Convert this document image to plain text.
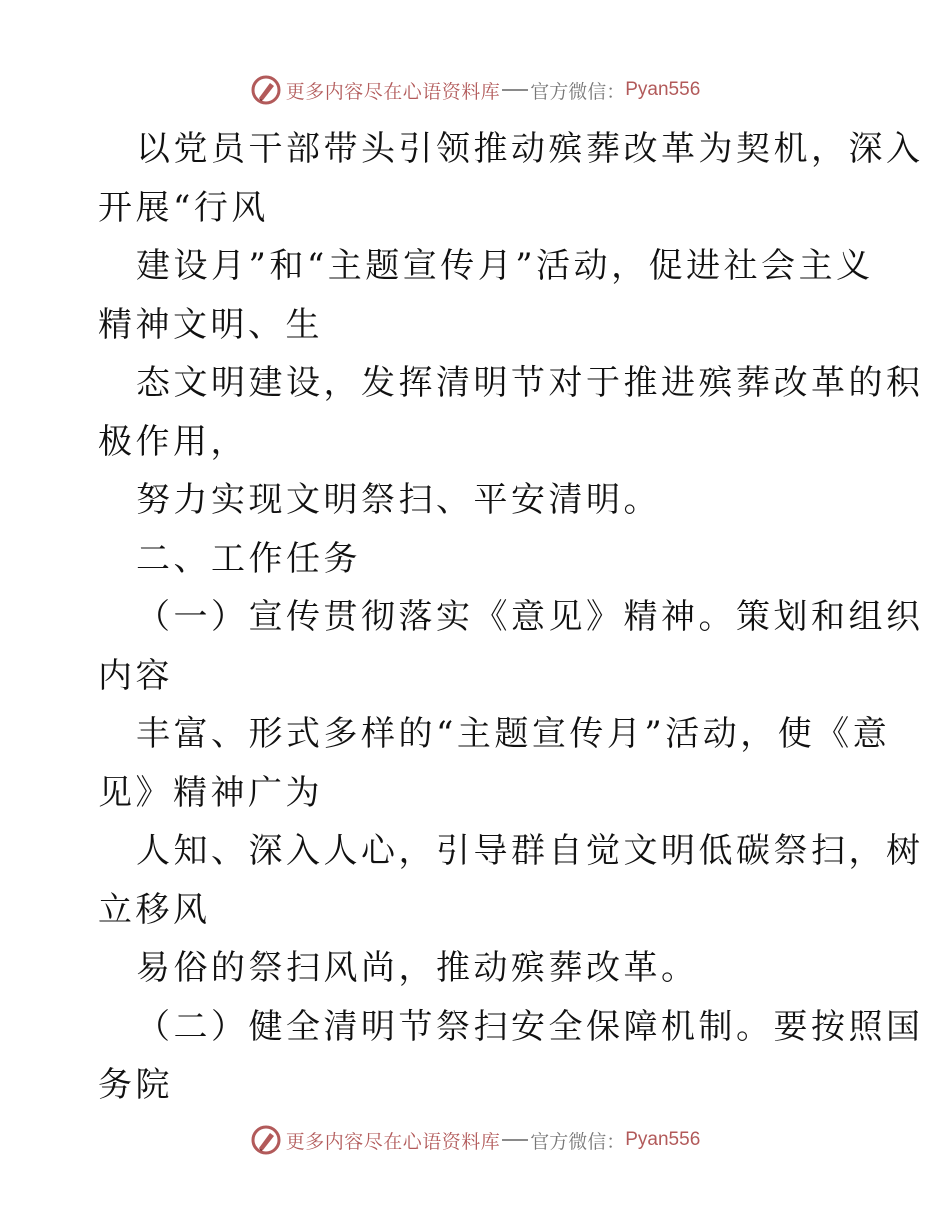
更多内容尽在心语资料库 官方微信： Pyan556
以党员干部带头引领推动殡葬改革为契机，深入
开展“行风
建设月”和“主题宣传月”活动，促进社会主义
精神文明、生
态文明建设，发挥清明节对于推进殡葬改革的积
极作用，
努力实现文明祭扫、平安清明。
二、工作任务
（一）宣传贯彻落实《意见》精神。策划和组织
内容
丰富、形式多样的“主题宣传月”活动，使《意
见》精神广为
人知、深入人心，引导群自觉文明低碳祭扫，树
立移风
易俗的祭扫风尚，推动殡葬改革。
（二）健全清明节祭扫安全保障机制。要按照国
务院
更多内容尽在心语资料库 官方微信： Pyan556
